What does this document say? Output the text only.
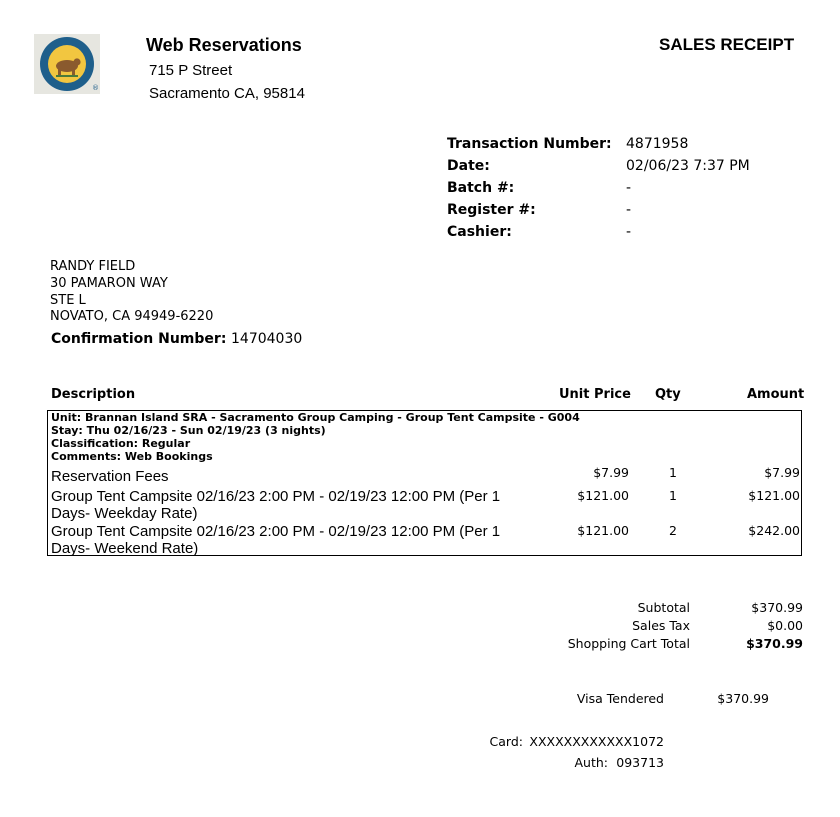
®
Web Reservations
715 P Street
Sacramento CA, 95814
SALES RECEIPT
Transaction Number: 4871958
Date:	02/06/23 7:37 PM
Batch #:	-
Register #:	-
Cashier:	-
RANDY FIELD
30 PAMARON WAY
STE L
NOVATO, CA 94949-6220
Confirmation Number: 14704030
Description	Unit Price Qty	Amount
Unit: Brannan Island SRA - Sacramento Group Camping - Group Tent Campsite - G004
Stay: Thu 02/16/23 - Sun 02/19/23 (3 nights)
Classification: Regular
Comments: Web Bookings
Reservation Fees	$7.99	1	$7.99
Group Tent Campsite 02/16/23 2:00 PM - 02/19/23 12:00 PM (Per 1 Days- Weekday Rate)
$121.00	1	$121.00
Group Tent Campsite 02/16/23 2:00 PM - 02/19/23 12:00 PM (Per 1 Days- Weekend Rate)
$121.00	2	$242.00
Subtotal	$370.99
Sales Tax	$0.00
Shopping Cart Total	$370.99
Visa Tendered	$370.99
Card: XXXXXXXXXXXX1072
Auth: 093713
